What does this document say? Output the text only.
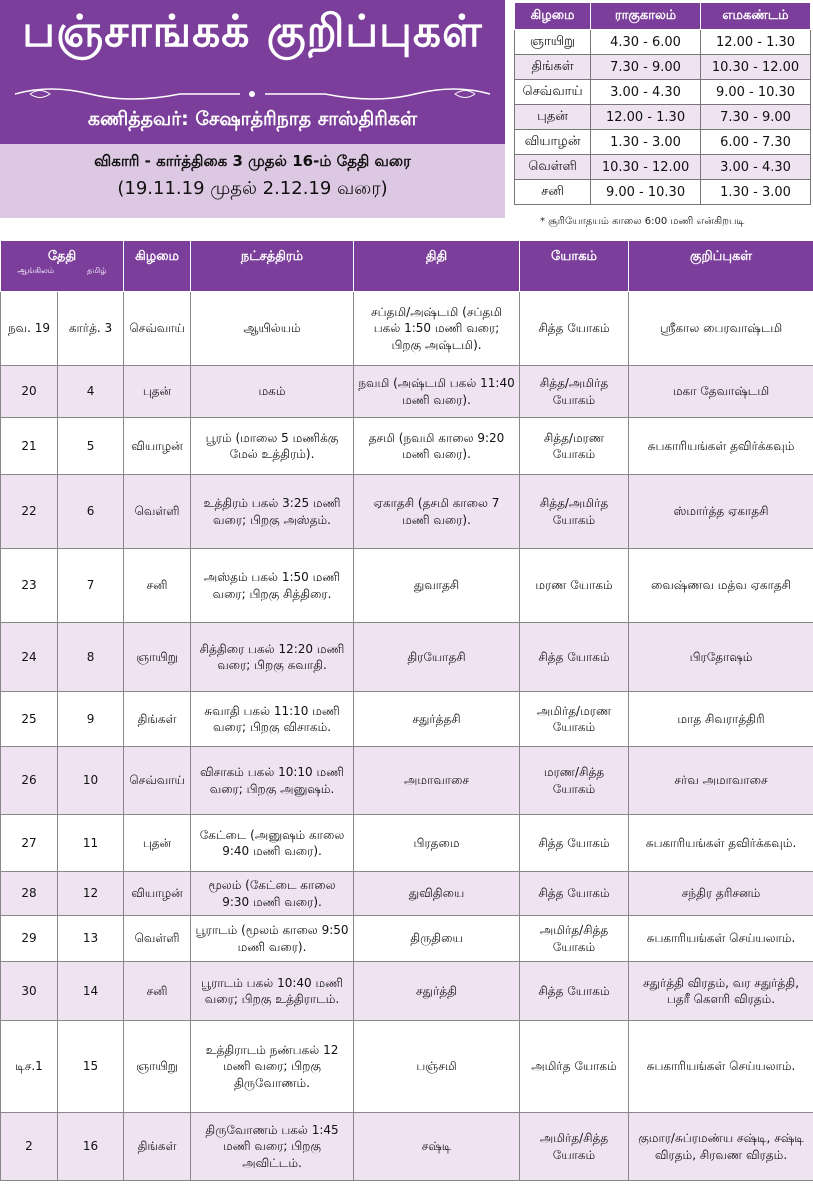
பஞ்சாங்கக் குறிப்புகள்
கணித்தவர்: சேஷாத்ரிநாத சாஸ்திரிகள்
விகாரி - கார்த்திகை 3 முதல் 16-ம் தேதி வரை
(19.11.19 முதல் 2.12.19 வரை)
கிழமை	ராகுகாலம்	எமகண்டம்
ஞாயிறு	4.30 - 6.00	12.00 - 1.30
திங்கள்	7.30 - 9.00	10.30 - 12.00
செவ்வாய்	3.00 - 4.30	9.00 - 10.30
புதன்	12.00 - 1.30	7.30 - 9.00
வியாழன்	1.30 - 3.00	6.00 - 7.30
வெள்ளி	10.30 - 12.00	3.00 - 4.30
சனி	9.00 - 10.30	1.30 - 3.00
* சூரியோதயம் காலை 6:00 மணி என்கிறபடி
தேதி
ஆங்கிலம் தமிழ்		கிழமை	நட்சத்திரம்	திதி	யோகம்	குறிப்புகள்
நவ. 19	கார்த். 3	செவ்வாய்	ஆயில்யம்	சப்தமி/அஷ்டமி (சப்தமி பகல் 1:50 மணி வரை; பிறகு அஷ்டமி).	சித்த யோகம்	ஸ்ரீகால பைரவாஷ்டமி
20	4	புதன்	மகம்	நவமி (அஷ்டமி பகல் 11:40 மணி வரை).	சித்த/அமிர்த யோகம்	மகா தேவாஷ்டமி
21	5	வியாழன்	பூரம் (மாலை 5 மணிக்கு மேல் உத்திரம்).	தசமி (நவமி காலை 9:20 மணி வரை).	சித்த/மரண யோகம்	சுபகாரியங்கள் தவிர்க்கவும்
22	6	வெள்ளி	உத்திரம் பகல் 3:25 மணி வரை; பிறகு அஸ்தம்.	ஏகாதசி (தசமி காலை 7 மணி வரை).	சித்த/அமிர்த யோகம்	ஸ்மார்த்த ஏகாதசி
23	7	சனி	அஸ்தம் பகல் 1:50 மணி வரை; பிறகு சித்திரை.	துவாதசி	மரண யோகம்	வைஷ்ணவ மத்வ ஏகாதசி
24	8	ஞாயிறு	சித்திரை பகல் 12:20 மணி வரை; பிறகு சுவாதி.	திரயோதசி	சித்த யோகம்	பிரதோஷம்
25	9	திங்கள்	சுவாதி பகல் 11:10 மணி வரை; பிறகு விசாகம்.	சதுர்த்தசி	அமிர்த/மரண யோகம்	மாத சிவராத்திரி
26	10	செவ்வாய்	விசாகம் பகல் 10:10 மணி வரை; பிறகு அனுஷம்.	அமாவாசை	மரண/சித்த யோகம்	சர்வ அமாவாசை
27	11	புதன்	கேட்டை (அனுஷம் காலை 9:40 மணி வரை).	பிரதமை	சித்த யோகம்	சுபகாரியங்கள் தவிர்க்கவும்.
28	12	வியாழன்	மூலம் (கேட்டை காலை 9:30 மணி வரை).	துவிதியை	சித்த யோகம்	சந்திர தரிசனம்
29	13	வெள்ளி	பூராடம் (மூலம் காலை 9:50 மணி வரை).	திருதியை	அமிர்த/சித்த யோகம்	சுபகாரியங்கள் செய்யலாம்.
30	14	சனி	பூராடம் பகல் 10:40 மணி வரை; பிறகு உத்திராடம்.	சதுர்த்தி	சித்த யோகம்	சதுர்த்தி விரதம், வர சதுர்த்தி, பதரீ கௌரி விரதம்.
டிச.1	15	ஞாயிறு	உத்திராடம் நண்பகல் 12 மணி வரை; பிறகு திருவோணம்.	பஞ்சமி	அமிர்த யோகம்	சுபகாரியங்கள் செய்யலாம்.
2	16	திங்கள்	திருவோணம் பகல் 1:45 மணி வரை; பிறகு அவிட்டம்.	சஷ்டி	அமிர்த/சித்த யோகம்	குமார/சுப்ரமண்ய சஷ்டி, சஷ்டி விரதம், சிரவண விரதம்.
